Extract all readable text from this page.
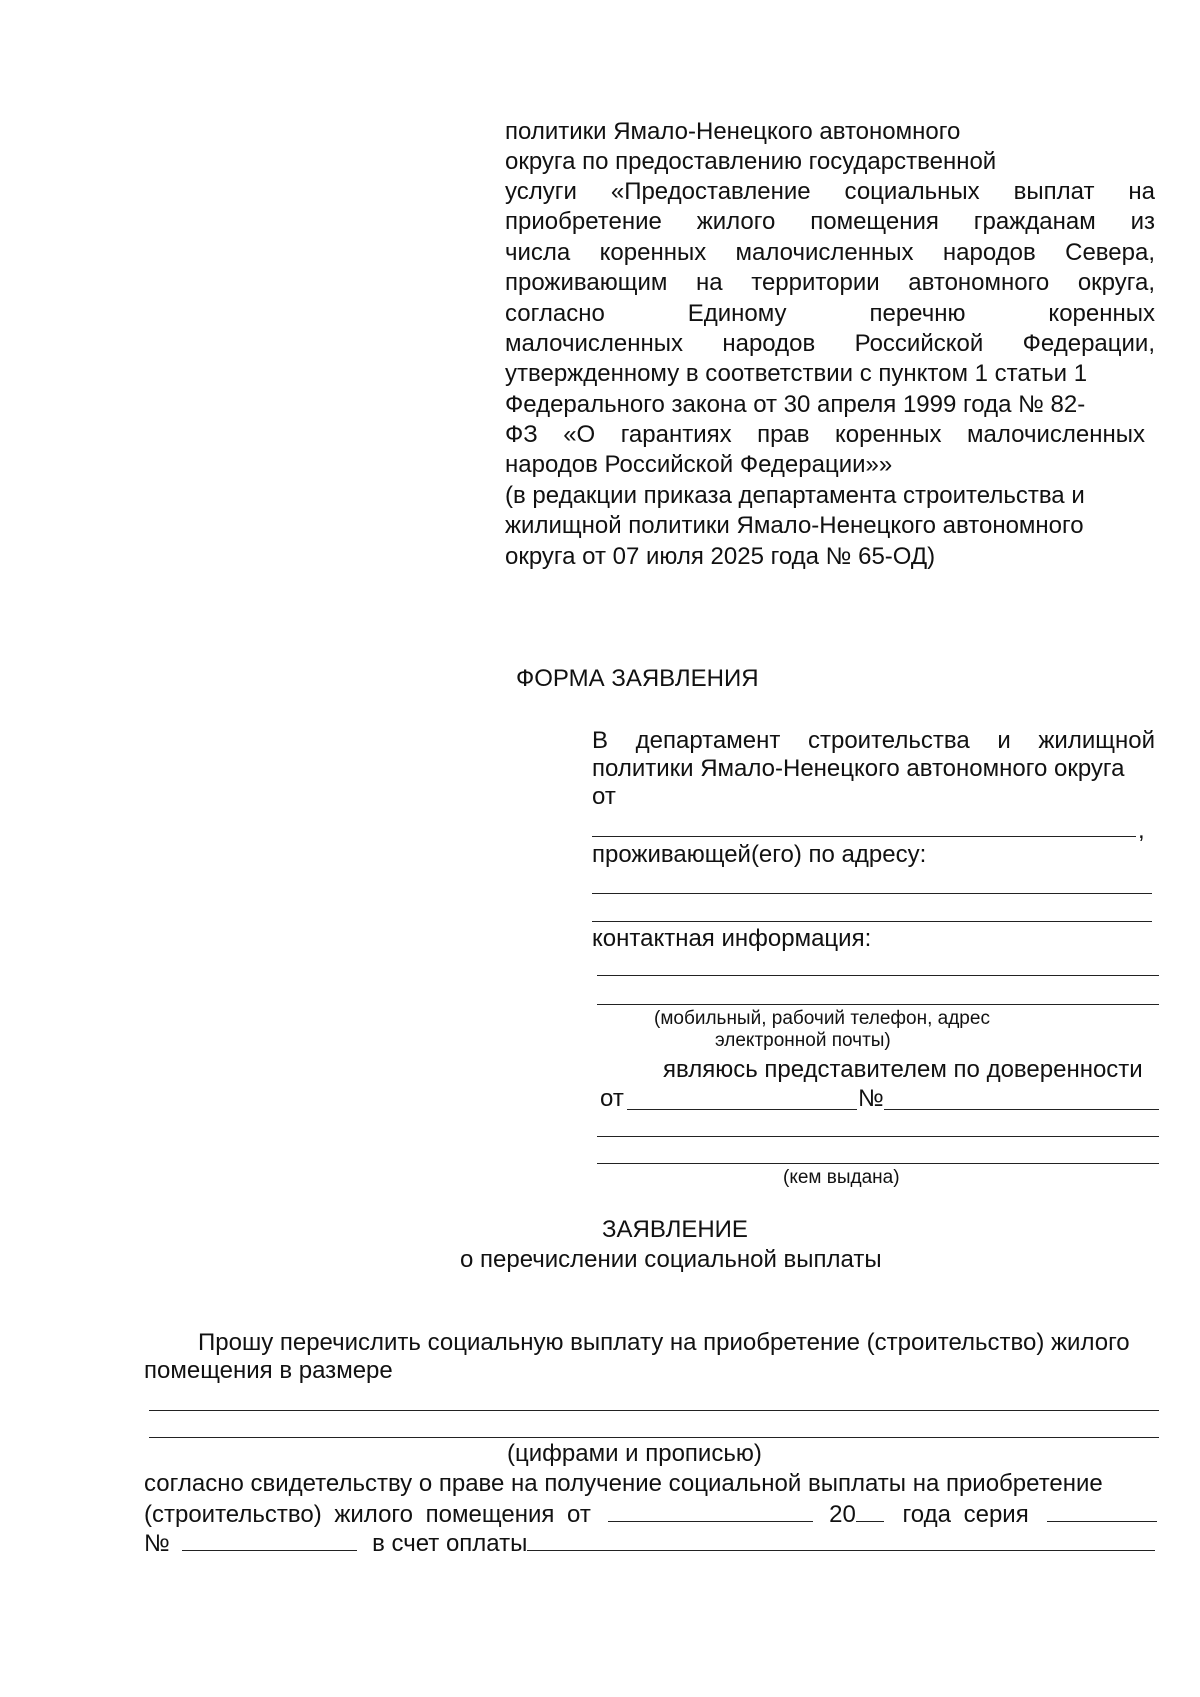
политики Ямало-Ненецкого автономного
округа по предоставлению государственной
услуги «Предоставление социальных выплат на
приобретение жилого помещения гражданам из
числа коренных малочисленных народов Севера,
проживающим на территории автономного округа,
согласно Единому перечню коренных
малочисленных народов Российской Федерации,
утвержденному в соответствии с пунктом 1 статьи 1
Федерального закона от 30 апреля 1999 года № 82-
ФЗ «О гарантиях прав коренных малочисленных
народов Российской Федерации»»
(в редакции приказа департамента строительства и
жилищной политики Ямало-Ненецкого автономного
округа от 07 июля 2025 года № 65-ОД)
ФОРМА ЗАЯВЛЕНИЯ
В департамент строительства и жилищной
политики Ямало-Ненецкого автономного округа
от
,
проживающей(его) по адресу:
контактная информация:
(мобильный, рабочий телефон, адрес
электронной почты)
являюсь представителем по доверенности
от	№
(кем выдана)
ЗАЯВЛЕНИЕ
о перечислении социальной выплаты
Прошу перечислить социальную выплату на приобретение (строительство) жилого
помещения в размере
(цифрами и прописью)
согласно свидетельству о праве на получение социальной выплаты на приобретение
(строительство) жилого помещения от	20 года серия
№	в счет оплаты
